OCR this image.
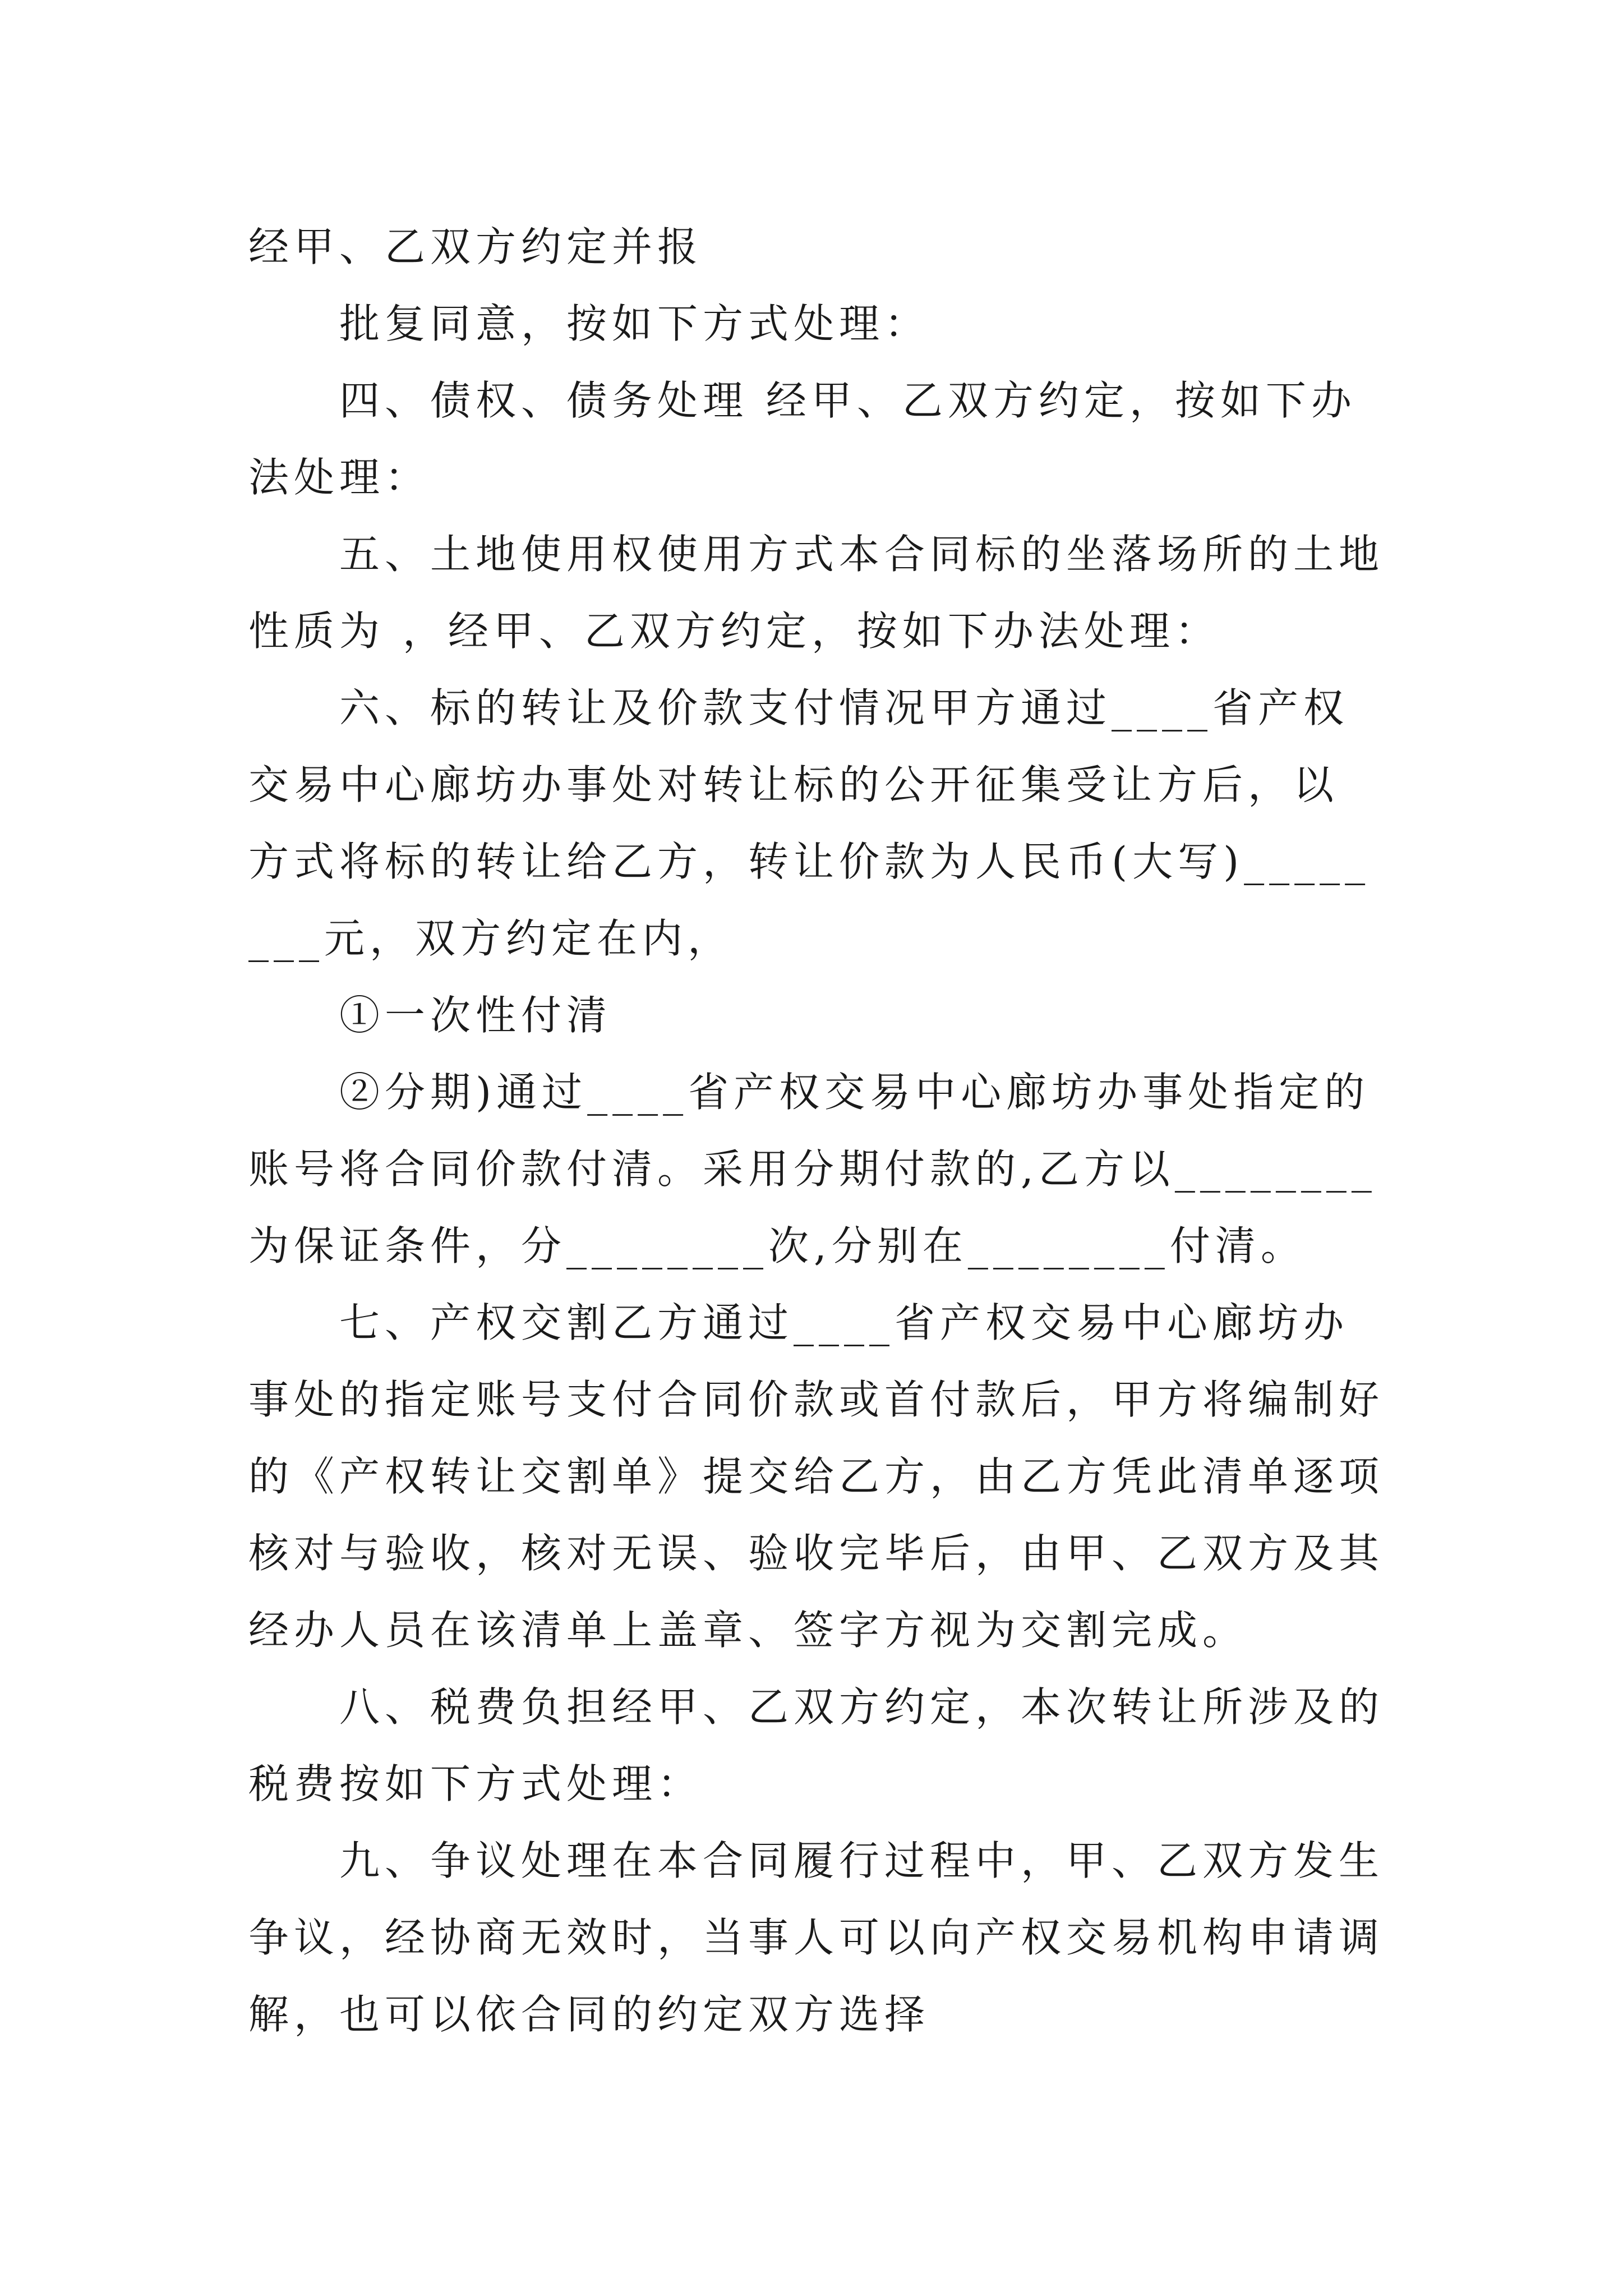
经甲、乙双方约定并报

批复同意，按如下方式处理：

四、债权、债务处理 经甲、乙双方约定，按如下办法处理：

五、土地使用权使用方式本合同标的坐落场所的土地性质为 ，经甲、乙双方约定，按如下办法处理：

六、标的转让及价款支付情况甲方通过____省产权交易中心廊坊办事处对转让标的公开征集受让方后，以 方式将标的转让给乙方，转让价款为人民币(大写)________元，双方约定在内，

①一次性付清

②分期)通过____省产权交易中心廊坊办事处指定的 账号将合同价款付清。采用分期付款的,乙方以________为保证条件，分________次,分别在________付清。

七、产权交割乙方通过____省产权交易中心廊坊办事处的指定账号支付合同价款或首付款后，甲方将编制好的《产权转让交割单》提交给乙方，由乙方凭此清单逐项核对与验收，核对无误、验收完毕后，由甲、乙双方及其经办人员在该清单上盖章、签字方视为交割完成。

八、税费负担经甲、乙双方约定，本次转让所涉及的税费按如下方式处理：

九、争议处理在本合同履行过程中，甲、乙双方发生争议，经协商无效时，当事人可以向产权交易机构申请调解，也可以依合同的约定双方选择
